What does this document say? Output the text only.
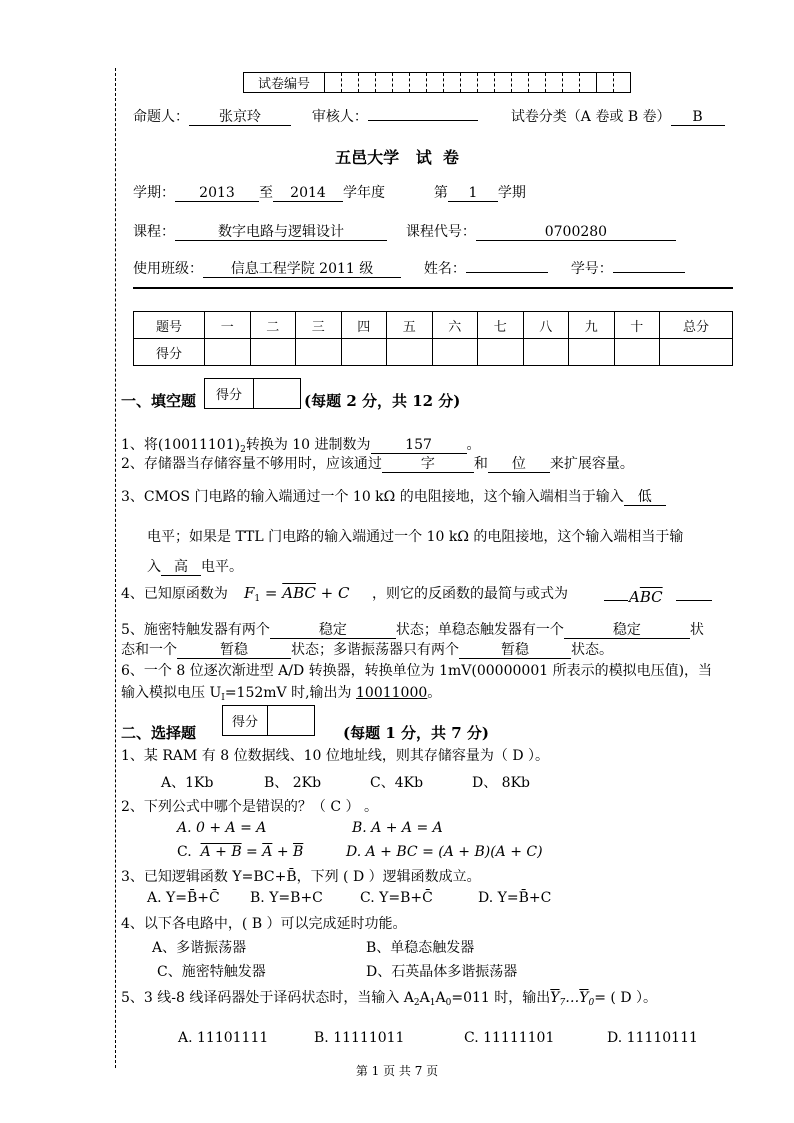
试卷编号																		
命题人： 张京玲	审核人：	试卷分类（A 卷或 B 卷） B
五邑大学   试  卷
学期： 2013 至 2014 学年度	第 1 学期
课程：	数字电路与逻辑设计	课程代号：	0700280
使用班级： 信息工程学院 2011 级	姓名：	学号：
题号	一	二	三	四	五	六	七	八	九	十	总分
得分											
一、填空题 得分		(每题 2 分，共 12 分)
1、将$(10011101)_2$转换为 10 进制数为 157 。
2、存储器当存储容量不够用时，应该通过	字	和 位 来扩展容量。
3、CMOS 门电路的输入端通过一个 10 kΩ 的电阻接地，这个输入端相当于输入 低
电平；如果是 TTL 门电路的输入端通过一个 10 kΩ 的电阻接地，这个输入端相当于输
入 高 电平。
4、已知原函数为 $F_1$ = ABC + C ，则它的反函数的最简与或式为	$A\overline{BC}$
5、施密特触发器有两个	稳定	状态；单稳态触发器有一个	稳定	状
态和一个	暂稳	状态；多谐振荡器只有两个	暂稳	状态。
6、一个 8 位逐次渐进型 A/D 转换器，转换单位为 1mV(00000001 所表示的模拟电压值)，当
输入模拟电压 $U_I=152mV$ 时,输出为 10011000。
二、选择题
得分	
(每题 1 分，共 7 分)
1、某 RAM 有 8 位数据线、10 位地址线，则其存储容量为（ D ）。
A、1Kb	B、 2Kb	C、4Kb	D、 8Kb
2、下列公式中哪个是错误的？（ C ） 。
A. 0 + A = A	B. A + A = A
C. $A + B = \overline{A} + \overline{B}$	D. A + BC = (A + B)(A + C)
3、已知逻辑函数 Y=BC+B̄，下列 ( D ）逻辑函数成立。
A. Y=B̄+C̄ B. Y=B+C	C. Y=B+C̄	D. Y=B̄+C
4、以下各电路中，( B ）可以完成延时功能。
A、多谐振荡器	B、单稳态触发器
C、施密特触发器	D、石英晶体多谐振荡器
5、3 线-8 线译码器处于译码状态时，当输入 $A_2A_1A_0=011$ 时，输出$\overline{Y}_7\dots\overline{Y}_0=$ ( D ）。
A. 11101111	B. 11111011	C. 11111101	D. 11110111
第 1 页 共 7 页
